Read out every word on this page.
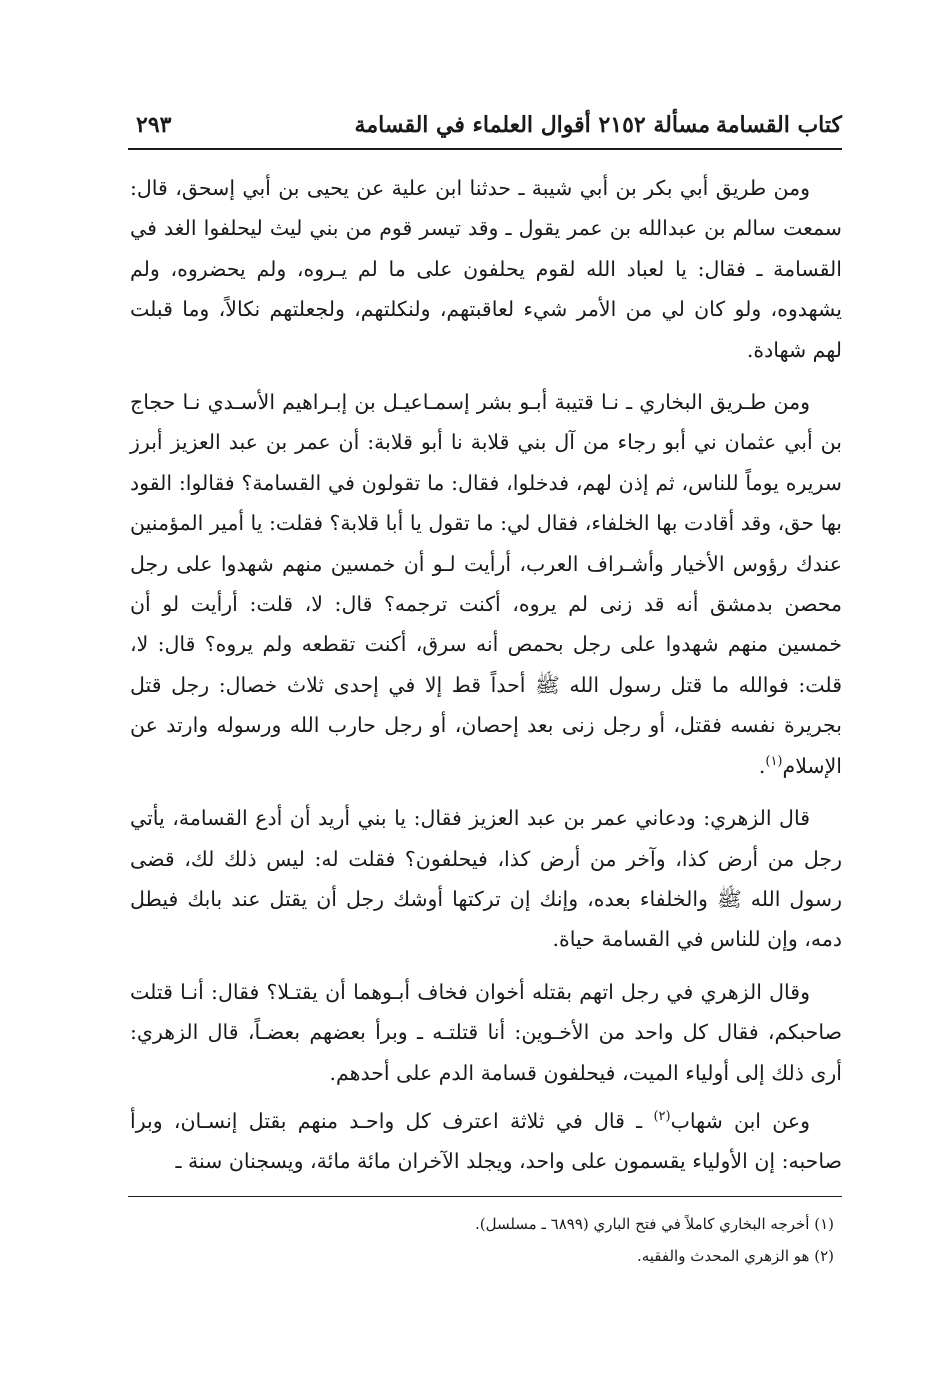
كتاب القسامة
مسألة ٢١٥٢ أقوال العلماء في القسامة
٢٩٣

ومن طريق أبي بكر بن أبي شيبة ـ حدثنا ابن علية عن يحيى بن أبي إسحق، قال: سمعت سالم بن عبدالله بن عمر يقول ـ وقد تيسر قوم من بني ليث ليحلفوا الغد في القسامة ـ فقال: يا لعباد الله لقوم يحلفون على ما لم يـروه، ولم يحضروه، ولم يشهدوه، ولو كان لي من الأمر شيء لعاقبتهم، ولنكلتهم، ولجعلتهم نكالاً، وما قبلت لهم شهادة.

ومن طـريق البخاري ـ نـا قتيبة أبـو بشر إسمـاعيـل بن إبـراهيم الأسـدي نـا حجاج بن أبي عثمان ني أبو رجاء من آل بني قلابة نا أبو قلابة: أن عمر بن عبد العزيز أبرز سريره يوماً للناس، ثم إذن لهم، فدخلوا، فقال: ما تقولون في القسامة؟ فقالوا: القود بها حق، وقد أقادت بها الخلفاء، فقال لي: ما تقول يا أبا قلابة؟ فقلت: يا أمير المؤمنين عندك رؤوس الأخيار وأشـراف العرب، أرأيت لـو أن خمسين منهم شهدوا على رجل محصن بدمشق أنه قد زنى لم يروه، أكنت ترجمه؟ قال: لا، قلت: أرأيت لو أن خمسين منهم شهدوا على رجل بحمص أنه سرق، أكنت تقطعه ولم يروه؟ قال: لا، قلت: فوالله ما قتل رسول الله ﷺ أحداً قط إلا في إحدى ثلاث خصال: رجل قتل بجريرة نفسه فقتل، أو رجل زنى بعد إحصان، أو رجل حارب الله ورسوله وارتد عن الإسلام$^{(١)}$.

قال الزهري: ودعاني عمر بن عبد العزيز فقال: يا بني أريد أن أدع القسامة، يأتي رجل من أرض كذا، وآخر من أرض كذا، فيحلفون؟ فقلت له: ليس ذلك لك، قضى رسول الله ﷺ والخلفاء بعده، وإنك إن تركتها أوشك رجل أن يقتل عند بابك فيطل دمه، وإن للناس في القسامة حياة.

وقال الزهري في رجل اتهم بقتله أخوان فخاف أبـوهما أن يقتـلا؟ فقال: أنـا قتلت صاحبكم، فقال كل واحد من الأخـوين: أنا قتلتـه ـ وبرأ بعضهم بعضـاً، قال الزهري: أرى ذلك إلى أولياء الميت، فيحلفون قسامة الدم على أحدهم.

وعن ابن شهاب$^{(٢)}$ ـ قال في ثلاثة اعترف كل واحـد منهم بقتل إنسـان، وبرأ صاحبه: إن الأولياء يقسمون على واحد، ويجلد الآخران مائة مائة، ويسجنان سنة ـ

(١) أخرجه البخاري كاملاً في فتح الباري (٦٨٩٩ ـ مسلسل).

(٢) هو الزهري المحدث والفقيه.
